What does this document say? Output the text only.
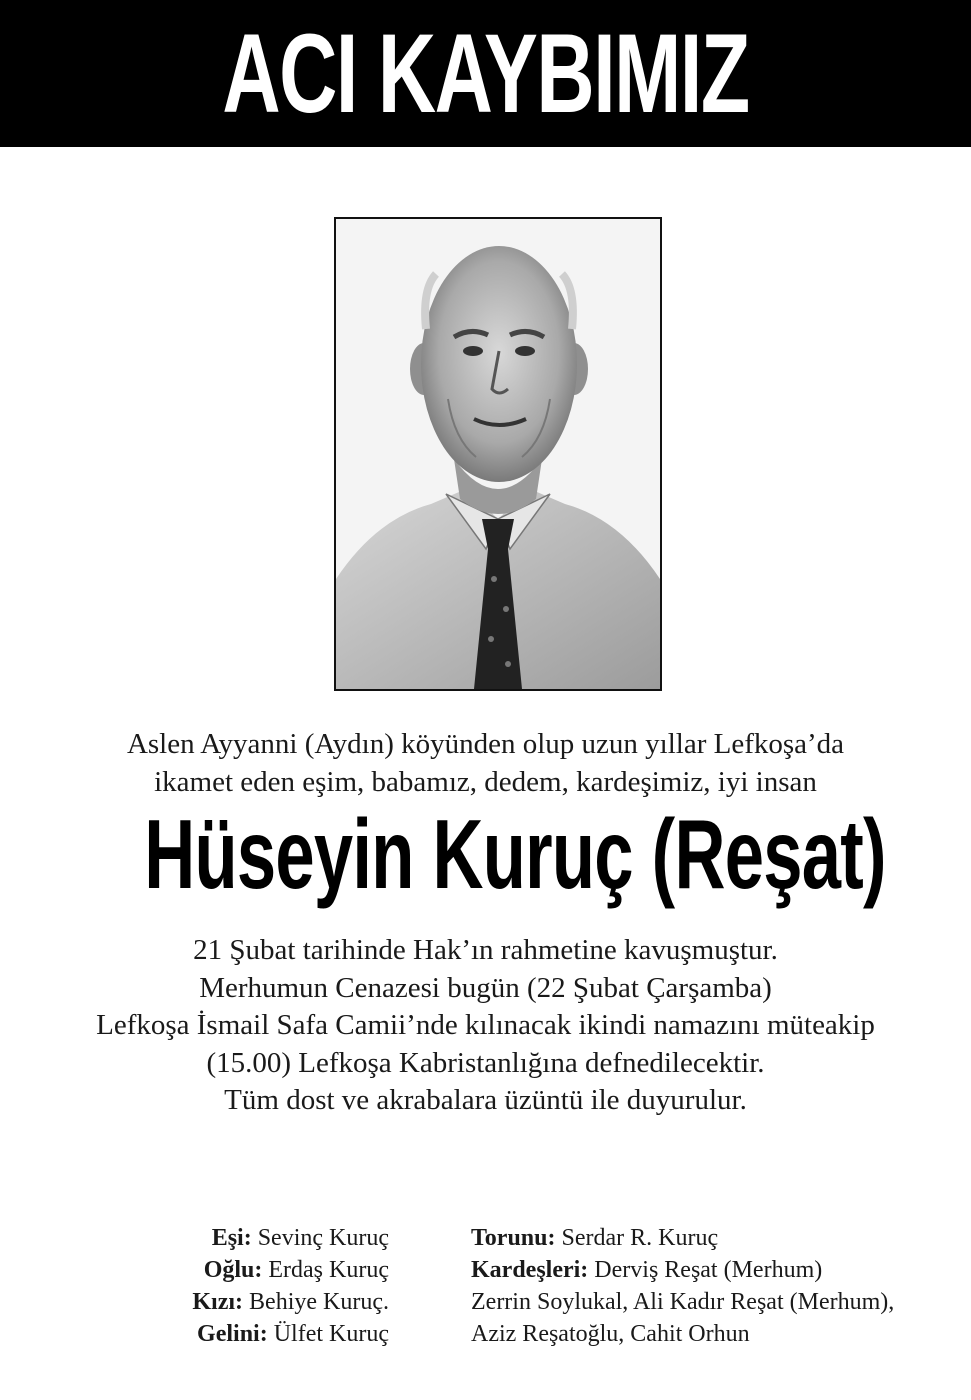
ACI KAYBIMIZ
Aslen Ayyanni (Aydın) köyünden olup uzun yıllar Lefkoşa’da
ikamet eden eşim, babamız, dedem, kardeşimiz, iyi insan
Hüseyin Kuruç (Reşat)
21 Şubat tarihinde Hak’ın rahmetine kavuşmuştur.
Merhumun Cenazesi bugün (22 Şubat Çarşamba)
Lefkoşa İsmail Safa Camii’nde kılınacak ikindi namazını müteakip
(15.00) Lefkoşa Kabristanlığına defnedilecektir.
Tüm dost ve akrabalara üzüntü ile duyurulur.
Eşi: Sevinç Kuruç
Oğlu: Erdaş Kuruç
Kızı: Behiye Kuruç.
Gelini: Ülfet Kuruç
Torunu: Serdar R. Kuruç
Kardeşleri: Derviş Reşat (Merhum)
Zerrin Soylukal, Ali Kadır Reşat (Merhum),
Aziz Reşatoğlu, Cahit Orhun
